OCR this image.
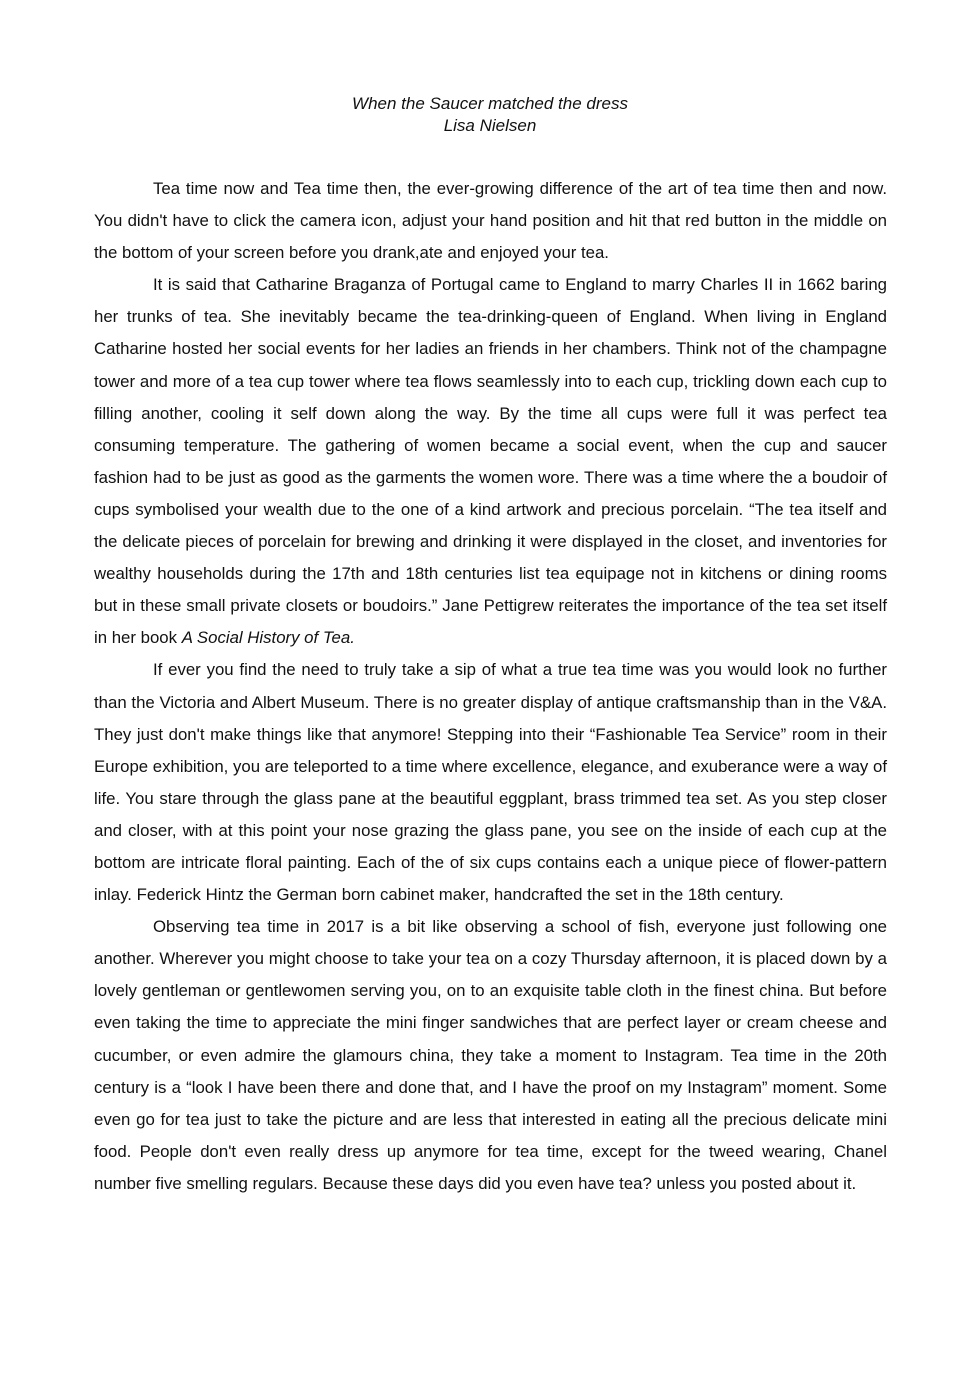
When the Saucer matched the dress
Lisa Nielsen

Tea time now and Tea time then, the ever-growing difference of the art of tea time then and now. You didn't have to click the camera icon, adjust your hand position and hit that red button in the middle on the bottom of your screen before you drank,ate and enjoyed your tea.

It is said that Catharine Braganza of Portugal came to England to marry Charles II in 1662 baring her trunks of tea. She inevitably became the tea-drinking-queen of England. When living in England Catharine hosted her social events for her ladies an friends in her chambers. Think not of the champagne tower and more of a tea cup tower where tea flows seamlessly into to each cup, trickling down each cup to filling another, cooling it self down along the way. By the time all cups were full it was perfect tea consuming temperature. The gathering of women became a social event, when the cup and saucer fashion had to be just as good as the garments the women wore. There was a time where the a boudoir of cups symbolised your wealth due to the one of a kind artwork and precious porcelain. “The tea itself and the delicate pieces of porcelain for brewing and drinking it were displayed in the closet, and inventories for wealthy households during the 17th and 18th centuries list tea equipage not in kitchens or dining rooms but in these small private closets or boudoirs.” Jane Pettigrew reiterates the importance of the tea set itself in her book A Social History of Tea.

If ever you find the need to truly take a sip of what a true tea time was you would look no further than the Victoria and Albert Museum. There is no greater display of antique craftsmanship than in the V&A. They just don't make things like that anymore! Stepping into their “Fashionable Tea Service” room in their Europe exhibition, you are teleported to a time where excellence, elegance, and exuberance were a way of life. You stare through the glass pane at the beautiful eggplant, brass trimmed tea set. As you step closer and closer, with at this point your nose grazing the glass pane, you see on the inside of each cup at the bottom are intricate floral painting. Each of the of six cups contains each a unique piece of flower-pattern inlay. Federick Hintz the German born cabinet maker, handcrafted the set in the 18th century.

Observing tea time in 2017 is a bit like observing a school of fish, everyone just following one another. Wherever you might choose to take your tea on a cozy Thursday afternoon, it is placed down by a lovely gentleman or gentlewomen serving you, on to an exquisite table cloth in the finest china. But before even taking the time to appreciate the mini finger sandwiches that are perfect layer or cream cheese and cucumber, or even admire the glamours china, they take a moment to Instagram. Tea time in the 20th century is a “look I have been there and done that, and I have the proof on my Instagram” moment. Some even go for tea just to take the picture and are less that interested in eating all the precious delicate mini food. People don't even really dress up anymore for tea time, except for the tweed wearing, Chanel number five smelling regulars. Because these days did you even have tea? unless you posted about it.
